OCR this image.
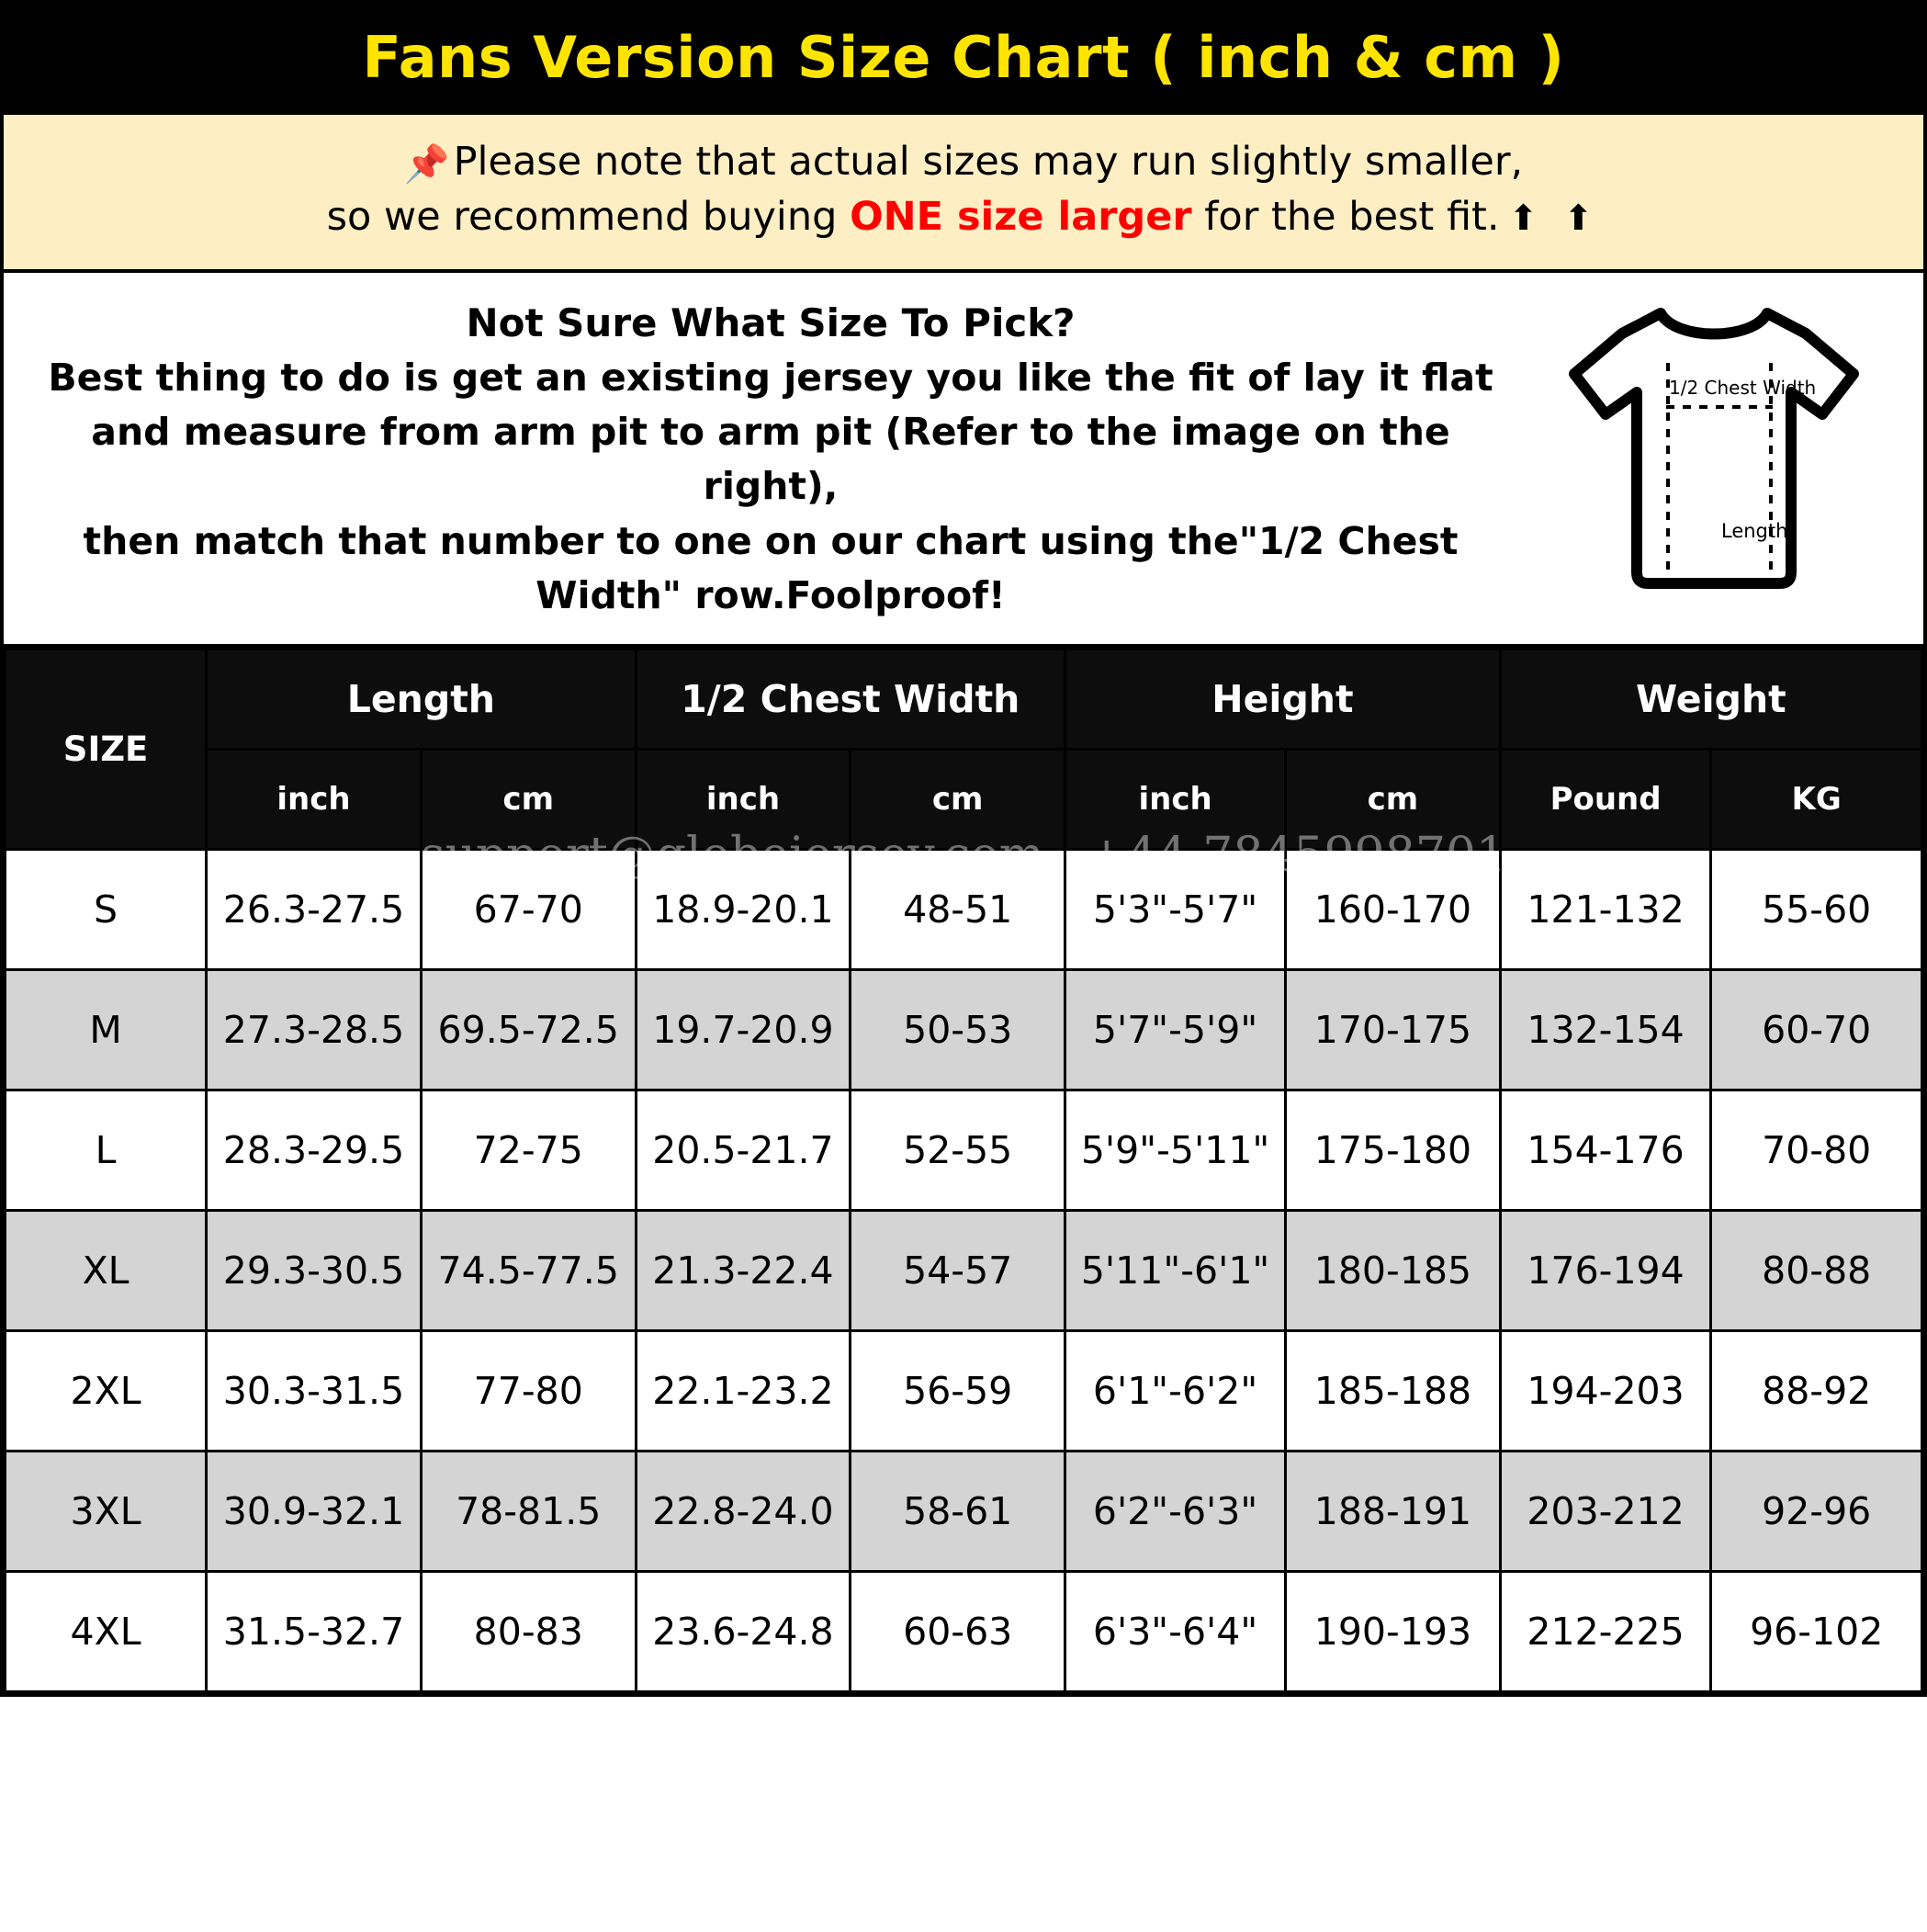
Fans Version Size Chart ( inch & cm )
📌Please note that actual sizes may run slightly smaller,
so we recommend buying ONE size larger for the best fit. ⬆ ⬆
Not Sure What Size To Pick?
Best thing to do is get an existing jersey you like the fit of lay it flat
and measure from arm pit to arm pit (Refer to the image on the right),
then match that number to one on our chart using the"1/2 Chest
Width" row.Foolproof!
1/2 Chest Width
Length
SIZE	Length		1/2 Chest Width		Height		Weight	
	inch	cm	inch	cm	inch	cm	Pound	KG
S	26.3-27.5	67-70	18.9-20.1	48-51	5'3"-5'7"	160-170	121-132	55-60
M	27.3-28.5	69.5-72.5	19.7-20.9	50-53	5'7"-5'9"	170-175	132-154	60-70
L	28.3-29.5	72-75	20.5-21.7	52-55	5'9"-5'11"	175-180	154-176	70-80
XL	29.3-30.5	74.5-77.5	21.3-22.4	54-57	5'11"-6'1"	180-185	176-194	80-88
2XL	30.3-31.5	77-80	22.1-23.2	56-59	6'1"-6'2"	185-188	194-203	88-92
3XL	30.9-32.1	78-81.5	22.8-24.0	58-61	6'2"-6'3"	188-191	203-212	92-96
4XL	31.5-32.7	80-83	23.6-24.8	60-63	6'3"-6'4"	190-193	212-225	96-102
support@globejersey.com +44 7845998701
